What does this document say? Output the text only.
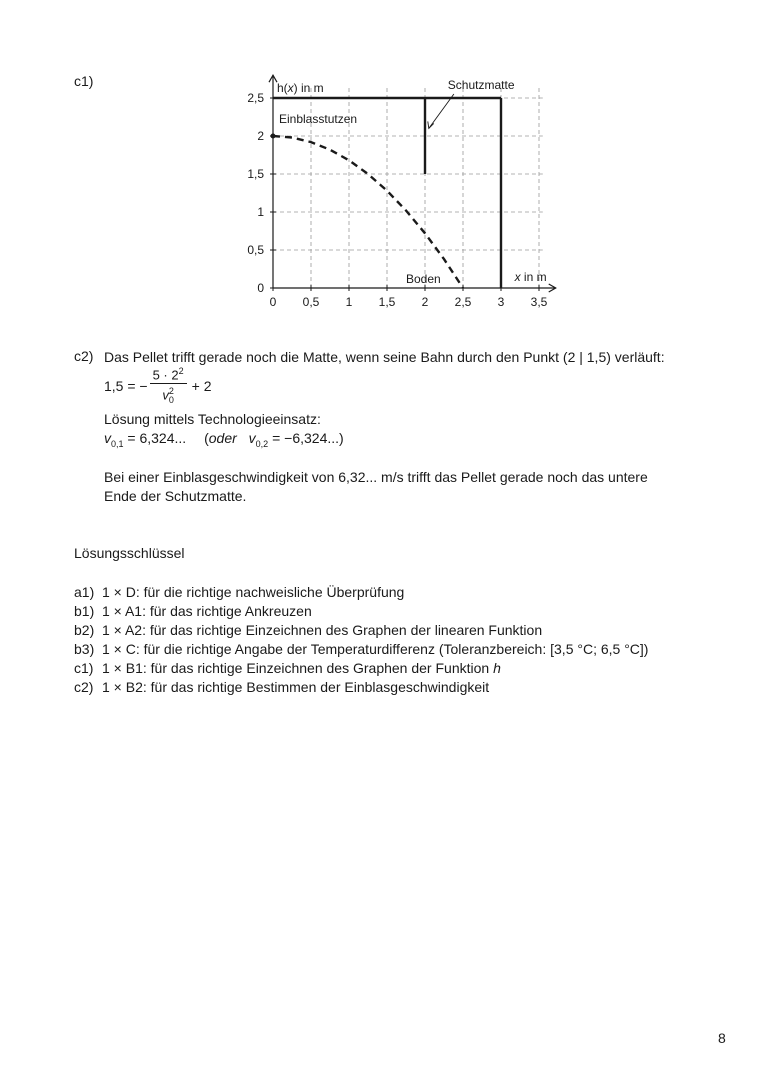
c1)
0 0,5 1 1,5 2 2,5 3 3,5
0
0,5
1
1,5
2
2,5
h(x) in m
x in m
Schutzmatte
Einblasstutzen
Boden
c2) Das Pellet trifft gerade noch die Matte, wenn seine Bahn durch den Punkt (2 | 1,5) verläuft:
1,5 = − $\frac{5 \cdot 2^2}{v_0^2} + 2$
Lösung mittels Technologieeinsatz:
$v_{0,1} = 6,324$... (oder $v_{0,2} = -6,324$...)
Bei einer Einblasgeschwindigkeit von 6,32... m/s trifft das Pellet gerade noch das untere
Ende der Schutzmatte.
Lösungsschlüssel
a1) 1 × D: für die richtige nachweisliche Überprüfung
b1) 1 × A1: für das richtige Ankreuzen
b2) 1 × A2: für das richtige Einzeichnen des Graphen der linearen Funktion
b3) 1 × C: für die richtige Angabe der Temperaturdifferenz (Toleranzbereich: [3,5 °C; 6,5 °C])
c1) 1 × B1: für das richtige Einzeichnen des Graphen der Funktion h
c2) 1 × B2: für das richtige Bestimmen der Einblasgeschwindigkeit
8
